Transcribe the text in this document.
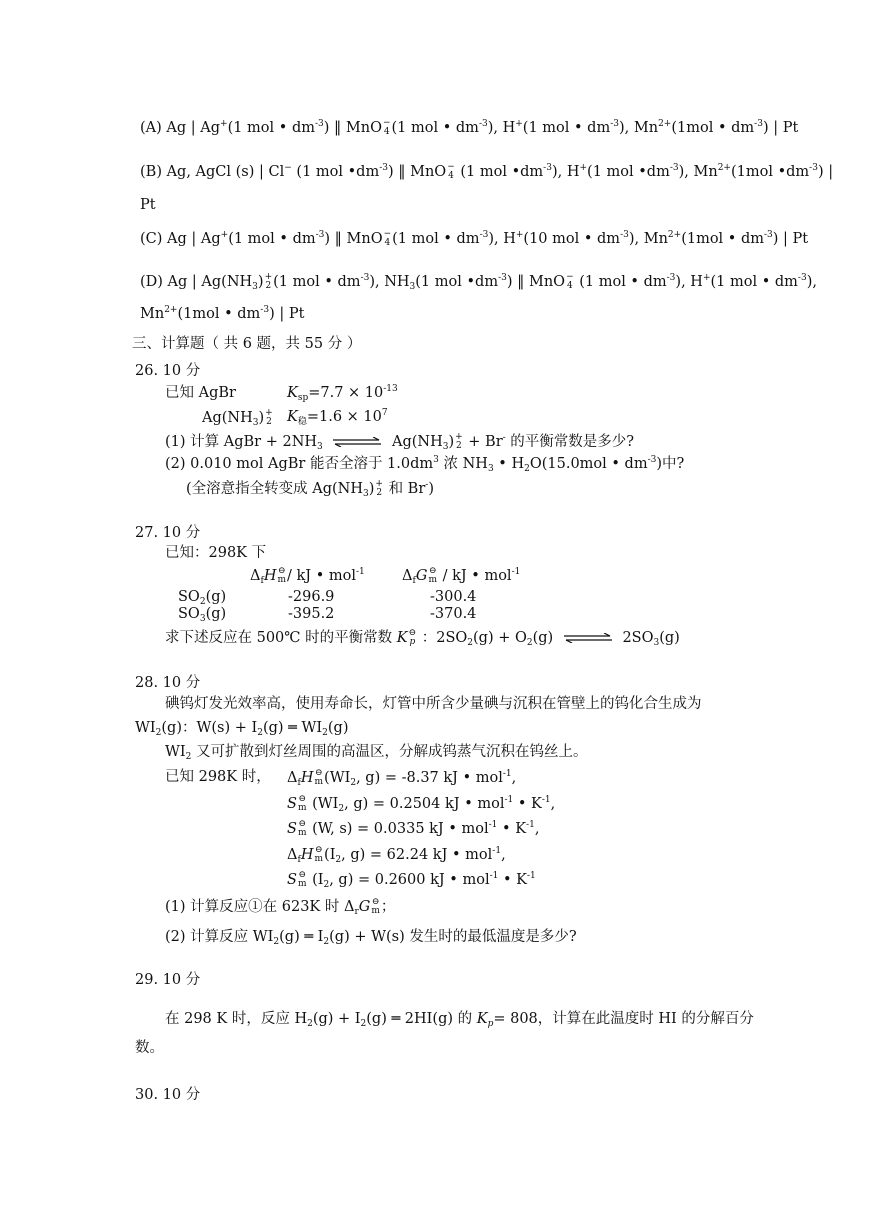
(A) Ag | Ag+(1 mol • $dm^{-3}$) ‖ MnO −
4 (1 mol • $dm^{-3}$), H+(1 mol • $dm^{-3}$), $Mn^{2+}(1mol$ • $dm^{-3}$) | Pt
(B) Ag, AgCl (s) | Cl− (1 mol $•dm^{-3}$) ‖ MnO −
4 (1 mol $•dm^{-3}$), H+(1 mol $•dm^{-3}$), $Mn^{2+}(1mol$ $•dm^{-3}$) |
Pt
(C) Ag | Ag+(1 mol • $dm^{-3}$) ‖ MnO −
4 (1 mol • $dm^{-3}$), H+(10 mol • $dm^{-3}$), $Mn^{2+}(1mol$ • $dm^{-3}$) | Pt
(D) Ag | $Ag(NH_3)$ +
2 (1 mol • $dm^{-3}$), $NH_3(1$ mol $•dm^{-3}$) ‖ MnO −
4 (1 mol • $dm^{-3}$), H+(1 mol • $dm^{-3}$),
$Mn^{2+}(1mol$ • $dm^{-3}$) | Pt
三、计算题（ 共 6 题，共 55 分 ）
26. 10 分
已知 AgBr	$K_{sp}=7.7 \times 10^{-13}$
$Ag(NH_3)$ +
2 $K_稳=1.6 \times 10^7$
(1) 计算 AgBr + $2NH_3$ ⇌ $Ag(NH_3)$ +
2 + Br- 的平衡常数是多少?
(2) 0.010 mol AgBr 能否全溶于 $1.0dm^3$ 浓 $NH_3$ • $H_2O(15.0mol$ • $dm^{-3}$)中?
(全溶意指全转变成 $Ag(NH_3)$ +
2 和 Br-)
27. 10 分
已知：298K 下
$\Delta_fH$ ⊖
m / kJ • mol$^{-1}$	$\Delta_fG$ ⊖
m / kJ • mol$^{-1}$
$SO_2(g)$	-296.9	-300.4
$SO_3(g)$	-395.2	-370.4
求下述反应在 500℃ 时的平衡常数 K ⊖
p ：$2SO_2(g) + O_2(g)$ ⇌ $2SO_3(g)$
28. 10 分
碘钨灯发光效率高，使用寿命长，灯管中所含少量碘与沉积在管壁上的钨化合生成为
$WI_2(g)$：$W(s) + I_2(g)$ ═ $WI_2(g)$
$WI_2$ 又可扩散到灯丝周围的高温区，分解成钨蒸气沉积在钨丝上。
已知 298K 时， $\Delta_fH$ ⊖
m ($WI_2$, g) = -8.37 kJ • mol$^{-1}$,
S ⊖
m ($WI_2$, g) = 0.2504 kJ • mol$^{-1}$ • $K^{-1}$,
S ⊖
m (W, s) = 0.0335 kJ • mol$^{-1}$ • $K^{-1}$,
$\Delta_fH$ ⊖
m ($I_2$, g) = 62.24 kJ • mol$^{-1}$,
S ⊖
m ($I_2$, g) = 0.2600 kJ • mol$^{-1}$ • $K^{-1}$
(1) 计算反应①在 623K 时 $\Delta_rG$ ⊖
m ；
(2) 计算反应 $WI_2(g)$ ═ $I_2(g) + W(s)$ 发生时的最低温度是多少?
29. 10 分
在 298 K 时，反应 $H_2(g) + I_2(g)$ ═ 2HI(g) 的 $K_p= 808$，计算在此温度时 HI 的分解百分
数。
30. 10 分
